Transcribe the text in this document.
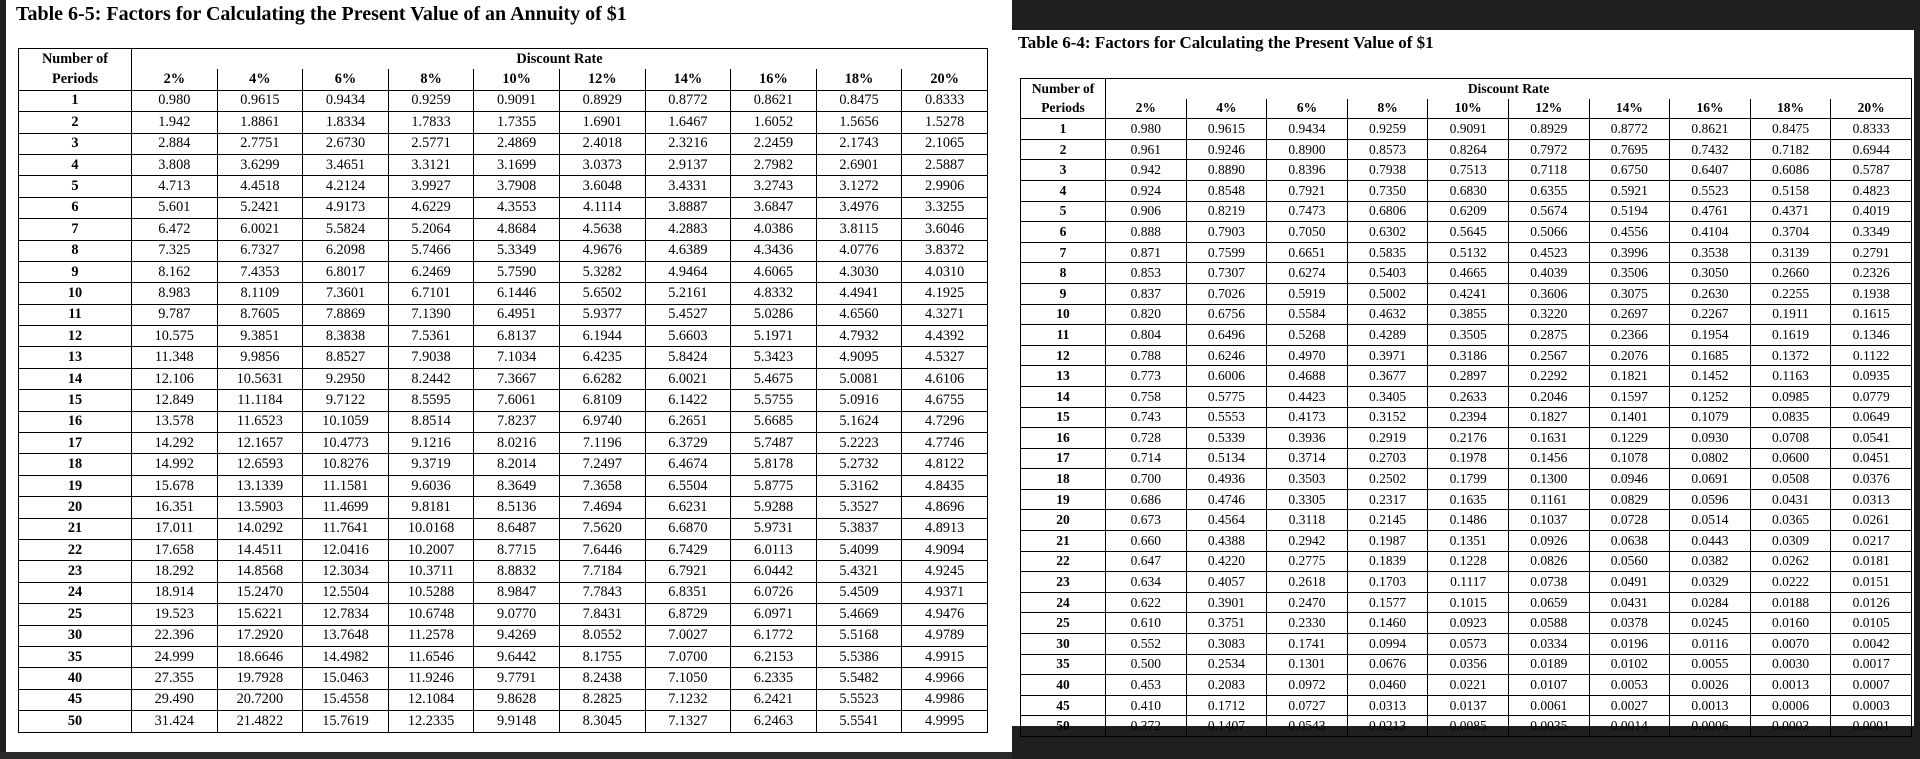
Table 6-5: Factors for Calculating the Present Value of an Annuity of $1
Number of	Discount Rate									
Periods	2%	4%	6%	8%	10%	12%	14%	16%	18%	20%
1	0.980	0.9615	0.9434	0.9259	0.9091	0.8929	0.8772	0.8621	0.8475	0.8333
2	1.942	1.8861	1.8334	1.7833	1.7355	1.6901	1.6467	1.6052	1.5656	1.5278
3	2.884	2.7751	2.6730	2.5771	2.4869	2.4018	2.3216	2.2459	2.1743	2.1065
4	3.808	3.6299	3.4651	3.3121	3.1699	3.0373	2.9137	2.7982	2.6901	2.5887
5	4.713	4.4518	4.2124	3.9927	3.7908	3.6048	3.4331	3.2743	3.1272	2.9906
6	5.601	5.2421	4.9173	4.6229	4.3553	4.1114	3.8887	3.6847	3.4976	3.3255
7	6.472	6.0021	5.5824	5.2064	4.8684	4.5638	4.2883	4.0386	3.8115	3.6046
8	7.325	6.7327	6.2098	5.7466	5.3349	4.9676	4.6389	4.3436	4.0776	3.8372
9	8.162	7.4353	6.8017	6.2469	5.7590	5.3282	4.9464	4.6065	4.3030	4.0310
10	8.983	8.1109	7.3601	6.7101	6.1446	5.6502	5.2161	4.8332	4.4941	4.1925
11	9.787	8.7605	7.8869	7.1390	6.4951	5.9377	5.4527	5.0286	4.6560	4.3271
12	10.575	9.3851	8.3838	7.5361	6.8137	6.1944	5.6603	5.1971	4.7932	4.4392
13	11.348	9.9856	8.8527	7.9038	7.1034	6.4235	5.8424	5.3423	4.9095	4.5327
14	12.106	10.5631	9.2950	8.2442	7.3667	6.6282	6.0021	5.4675	5.0081	4.6106
15	12.849	11.1184	9.7122	8.5595	7.6061	6.8109	6.1422	5.5755	5.0916	4.6755
16	13.578	11.6523	10.1059	8.8514	7.8237	6.9740	6.2651	5.6685	5.1624	4.7296
17	14.292	12.1657	10.4773	9.1216	8.0216	7.1196	6.3729	5.7487	5.2223	4.7746
18	14.992	12.6593	10.8276	9.3719	8.2014	7.2497	6.4674	5.8178	5.2732	4.8122
19	15.678	13.1339	11.1581	9.6036	8.3649	7.3658	6.5504	5.8775	5.3162	4.8435
20	16.351	13.5903	11.4699	9.8181	8.5136	7.4694	6.6231	5.9288	5.3527	4.8696
21	17.011	14.0292	11.7641	10.0168	8.6487	7.5620	6.6870	5.9731	5.3837	4.8913
22	17.658	14.4511	12.0416	10.2007	8.7715	7.6446	6.7429	6.0113	5.4099	4.9094
23	18.292	14.8568	12.3034	10.3711	8.8832	7.7184	6.7921	6.0442	5.4321	4.9245
24	18.914	15.2470	12.5504	10.5288	8.9847	7.7843	6.8351	6.0726	5.4509	4.9371
25	19.523	15.6221	12.7834	10.6748	9.0770	7.8431	6.8729	6.0971	5.4669	4.9476
30	22.396	17.2920	13.7648	11.2578	9.4269	8.0552	7.0027	6.1772	5.5168	4.9789
35	24.999	18.6646	14.4982	11.6546	9.6442	8.1755	7.0700	6.2153	5.5386	4.9915
40	27.355	19.7928	15.0463	11.9246	9.7791	8.2438	7.1050	6.2335	5.5482	4.9966
45	29.490	20.7200	15.4558	12.1084	9.8628	8.2825	7.1232	6.2421	5.5523	4.9986
50	31.424	21.4822	15.7619	12.2335	9.9148	8.3045	7.1327	6.2463	5.5541	4.9995
Table 6-4: Factors for Calculating the Present Value of $1
Number of	Discount Rate									
Periods	2%	4%	6%	8%	10%	12%	14%	16%	18%	20%
1	0.980	0.9615	0.9434	0.9259	0.9091	0.8929	0.8772	0.8621	0.8475	0.8333
2	0.961	0.9246	0.8900	0.8573	0.8264	0.7972	0.7695	0.7432	0.7182	0.6944
3	0.942	0.8890	0.8396	0.7938	0.7513	0.7118	0.6750	0.6407	0.6086	0.5787
4	0.924	0.8548	0.7921	0.7350	0.6830	0.6355	0.5921	0.5523	0.5158	0.4823
5	0.906	0.8219	0.7473	0.6806	0.6209	0.5674	0.5194	0.4761	0.4371	0.4019
6	0.888	0.7903	0.7050	0.6302	0.5645	0.5066	0.4556	0.4104	0.3704	0.3349
7	0.871	0.7599	0.6651	0.5835	0.5132	0.4523	0.3996	0.3538	0.3139	0.2791
8	0.853	0.7307	0.6274	0.5403	0.4665	0.4039	0.3506	0.3050	0.2660	0.2326
9	0.837	0.7026	0.5919	0.5002	0.4241	0.3606	0.3075	0.2630	0.2255	0.1938
10	0.820	0.6756	0.5584	0.4632	0.3855	0.3220	0.2697	0.2267	0.1911	0.1615
11	0.804	0.6496	0.5268	0.4289	0.3505	0.2875	0.2366	0.1954	0.1619	0.1346
12	0.788	0.6246	0.4970	0.3971	0.3186	0.2567	0.2076	0.1685	0.1372	0.1122
13	0.773	0.6006	0.4688	0.3677	0.2897	0.2292	0.1821	0.1452	0.1163	0.0935
14	0.758	0.5775	0.4423	0.3405	0.2633	0.2046	0.1597	0.1252	0.0985	0.0779
15	0.743	0.5553	0.4173	0.3152	0.2394	0.1827	0.1401	0.1079	0.0835	0.0649
16	0.728	0.5339	0.3936	0.2919	0.2176	0.1631	0.1229	0.0930	0.0708	0.0541
17	0.714	0.5134	0.3714	0.2703	0.1978	0.1456	0.1078	0.0802	0.0600	0.0451
18	0.700	0.4936	0.3503	0.2502	0.1799	0.1300	0.0946	0.0691	0.0508	0.0376
19	0.686	0.4746	0.3305	0.2317	0.1635	0.1161	0.0829	0.0596	0.0431	0.0313
20	0.673	0.4564	0.3118	0.2145	0.1486	0.1037	0.0728	0.0514	0.0365	0.0261
21	0.660	0.4388	0.2942	0.1987	0.1351	0.0926	0.0638	0.0443	0.0309	0.0217
22	0.647	0.4220	0.2775	0.1839	0.1228	0.0826	0.0560	0.0382	0.0262	0.0181
23	0.634	0.4057	0.2618	0.1703	0.1117	0.0738	0.0491	0.0329	0.0222	0.0151
24	0.622	0.3901	0.2470	0.1577	0.1015	0.0659	0.0431	0.0284	0.0188	0.0126
25	0.610	0.3751	0.2330	0.1460	0.0923	0.0588	0.0378	0.0245	0.0160	0.0105
30	0.552	0.3083	0.1741	0.0994	0.0573	0.0334	0.0196	0.0116	0.0070	0.0042
35	0.500	0.2534	0.1301	0.0676	0.0356	0.0189	0.0102	0.0055	0.0030	0.0017
40	0.453	0.2083	0.0972	0.0460	0.0221	0.0107	0.0053	0.0026	0.0013	0.0007
45	0.410	0.1712	0.0727	0.0313	0.0137	0.0061	0.0027	0.0013	0.0006	0.0003
50	0.372	0.1407	0.0543	0.0213	0.0085	0.0035	0.0014	0.0006	0.0003	0.0001
